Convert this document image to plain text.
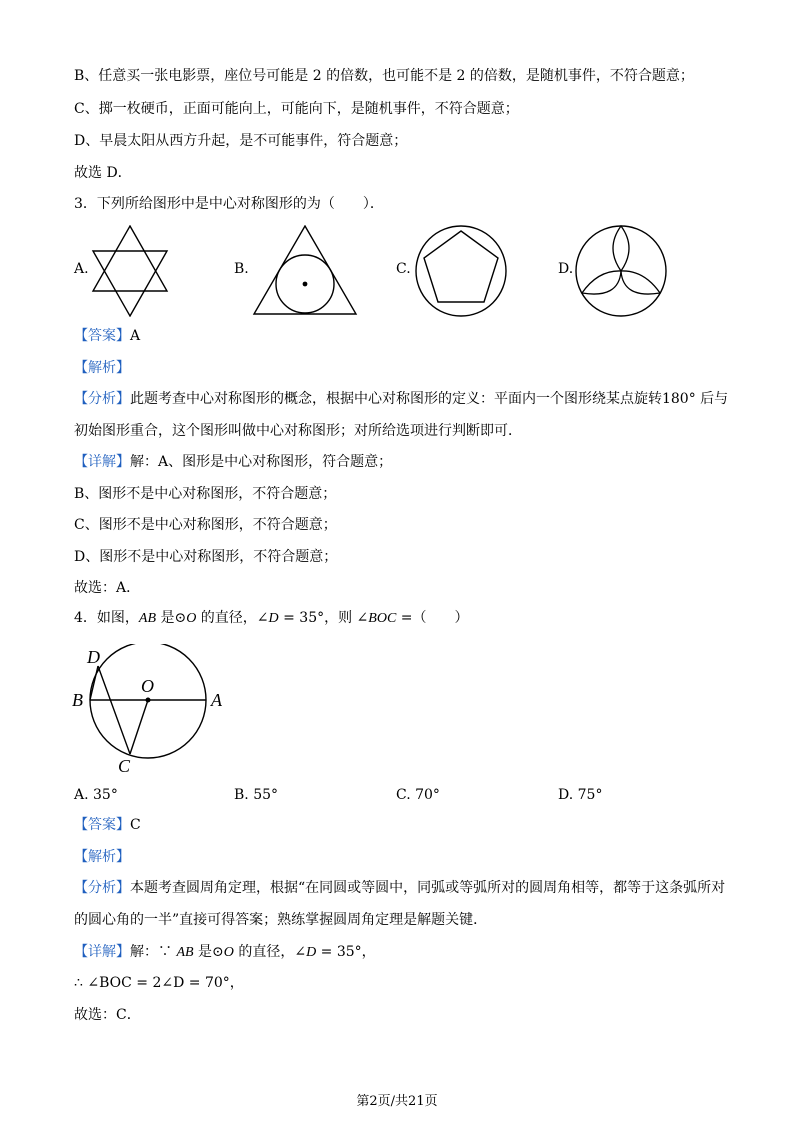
B、任意买一张电影票，座位号可能是 2 的倍数，也可能不是 2 的倍数，是随机事件，不符合题意；
C、掷一枚硬币，正面可能向上，可能向下，是随机事件，不符合题意；
D、早晨太阳从西方升起，是不可能事件，符合题意；
故选 D．
3．下列所给图形中是中心对称图形的为（　　）．
A.	B.	C.	D.
【答案】A
【解析】
【分析】此题考查中心对称图形的概念，根据中心对称图形的定义：平面内一个图形绕某点旋转180° 后与
初始图形重合，这个图形叫做中心对称图形；对所给选项进行判断即可．
【详解】解：A、图形是中心对称图形，符合题意；
B、图形不是中心对称图形，不符合题意；
C、图形不是中心对称图形，不符合题意；
D、图形不是中心对称图形，不符合题意；
故选：A．
4．如图，AB 是⊙O 的直径，∠D = 35°，则 ∠BOC =（　　）
D
O
B	A
C
A. 35°	B. 55°	C. 70°	D. 75°
【答案】C
【解析】
【分析】本题考查圆周角定理，根据“在同圆或等圆中，同弧或等弧所对的圆周角相等，都等于这条弧所对
的圆心角的一半”直接可得答案；熟练掌握圆周角定理是解题关键．
【详解】解：∵ AB 是⊙O 的直径，∠D = 35°，
∴ ∠BOC = 2∠D = 70°，
故选：C．
第2页/共21页
